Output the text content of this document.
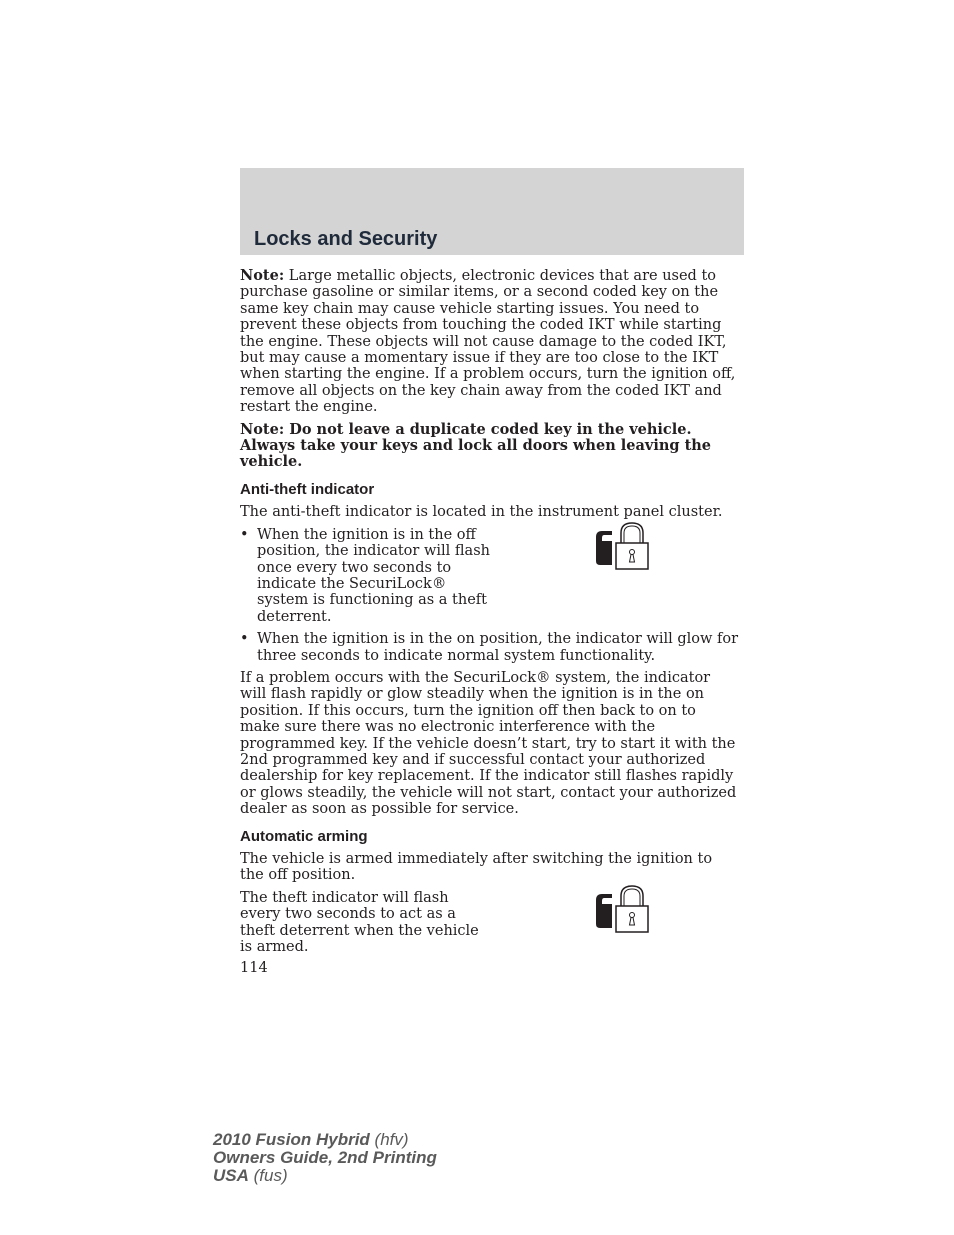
Locks and Security

Note: Large metallic objects, electronic devices that are used to purchase gasoline or similar items, or a second coded key on the same key chain may cause vehicle starting issues. You need to prevent these objects from touching the coded IKT while starting the engine. These objects will not cause damage to the coded IKT, but may cause a momentary issue if they are too close to the IKT when starting the engine. If a problem occurs, turn the ignition off, remove all objects on the key chain away from the coded IKT and restart the engine.

Note: Do not leave a duplicate coded key in the vehicle. Always take your keys and lock all doors when leaving the vehicle.

Anti-theft indicator

The anti-theft indicator is located in the instrument panel cluster.

• When the ignition is in the off position, the indicator will flash once every two seconds to indicate the SecuriLock® system is functioning as a theft deterrent.

• When the ignition is in the on position, the indicator will glow for three seconds to indicate normal system functionality.

If a problem occurs with the SecuriLock® system, the indicator will flash rapidly or glow steadily when the ignition is in the on position. If this occurs, turn the ignition off then back to on to make sure there was no electronic interference with the programmed key. If the vehicle doesn’t start, try to start it with the 2nd programmed key and if successful contact your authorized dealership for key replacement. If the indicator still flashes rapidly or glows steadily, the vehicle will not start, contact your authorized dealer as soon as possible for service.

Automatic arming

The vehicle is armed immediately after switching the ignition to the off position.

The theft indicator will flash every two seconds to act as a theft deterrent when the vehicle is armed.

114
2010 Fusion Hybrid (hfv)
Owners Guide, 2nd Printing
USA (fus)
